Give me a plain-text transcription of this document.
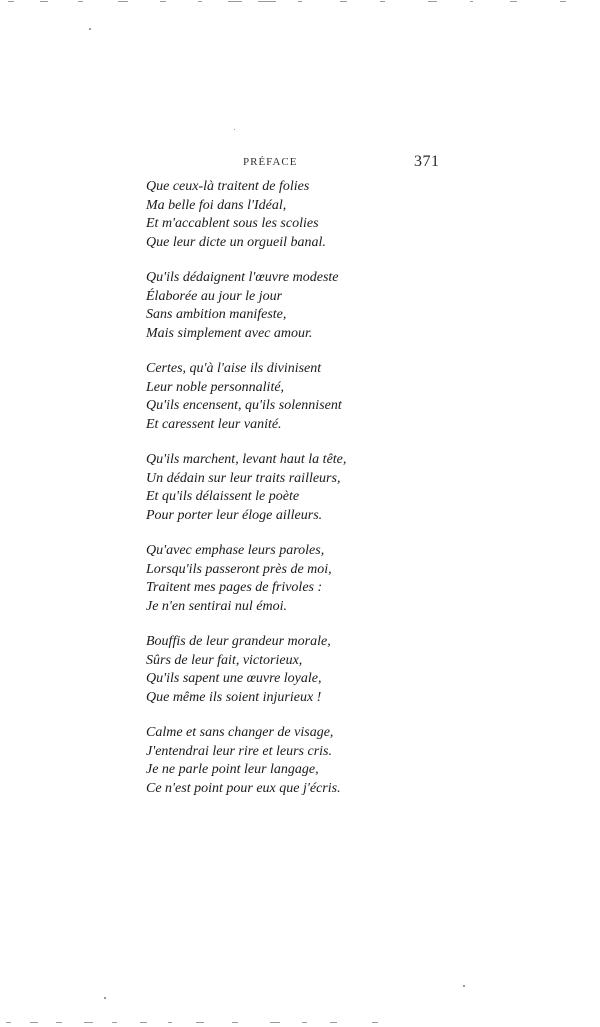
PRÉFACE	371
Que ceux-là traitent de folies
Ma belle foi dans l'Idéal,
Et m'accablent sous les scolies
Que leur dicte un orgueil banal.
Qu'ils dédaignent l'œuvre modeste
Élaborée au jour le jour
Sans ambition manifeste,
Mais simplement avec amour.
Certes, qu'à l'aise ils divinisent
Leur noble personnalité,
Qu'ils encensent, qu'ils solennisent
Et caressent leur vanité.
Qu'ils marchent, levant haut la tête,
Un dédain sur leur traits railleurs,
Et qu'ils délaissent le poète
Pour porter leur éloge ailleurs.
Qu'avec emphase leurs paroles,
Lorsqu'ils passeront près de moi,
Traitent mes pages de frivoles :
Je n'en sentirai nul émoi.
Bouffis de leur grandeur morale,
Sûrs de leur fait, victorieux,
Qu'ils sapent une œuvre loyale,
Que même ils soient injurieux !
Calme et sans changer de visage,
J'entendrai leur rire et leurs cris.
Je ne parle point leur langage,
Ce n'est point pour eux que j'écris.
